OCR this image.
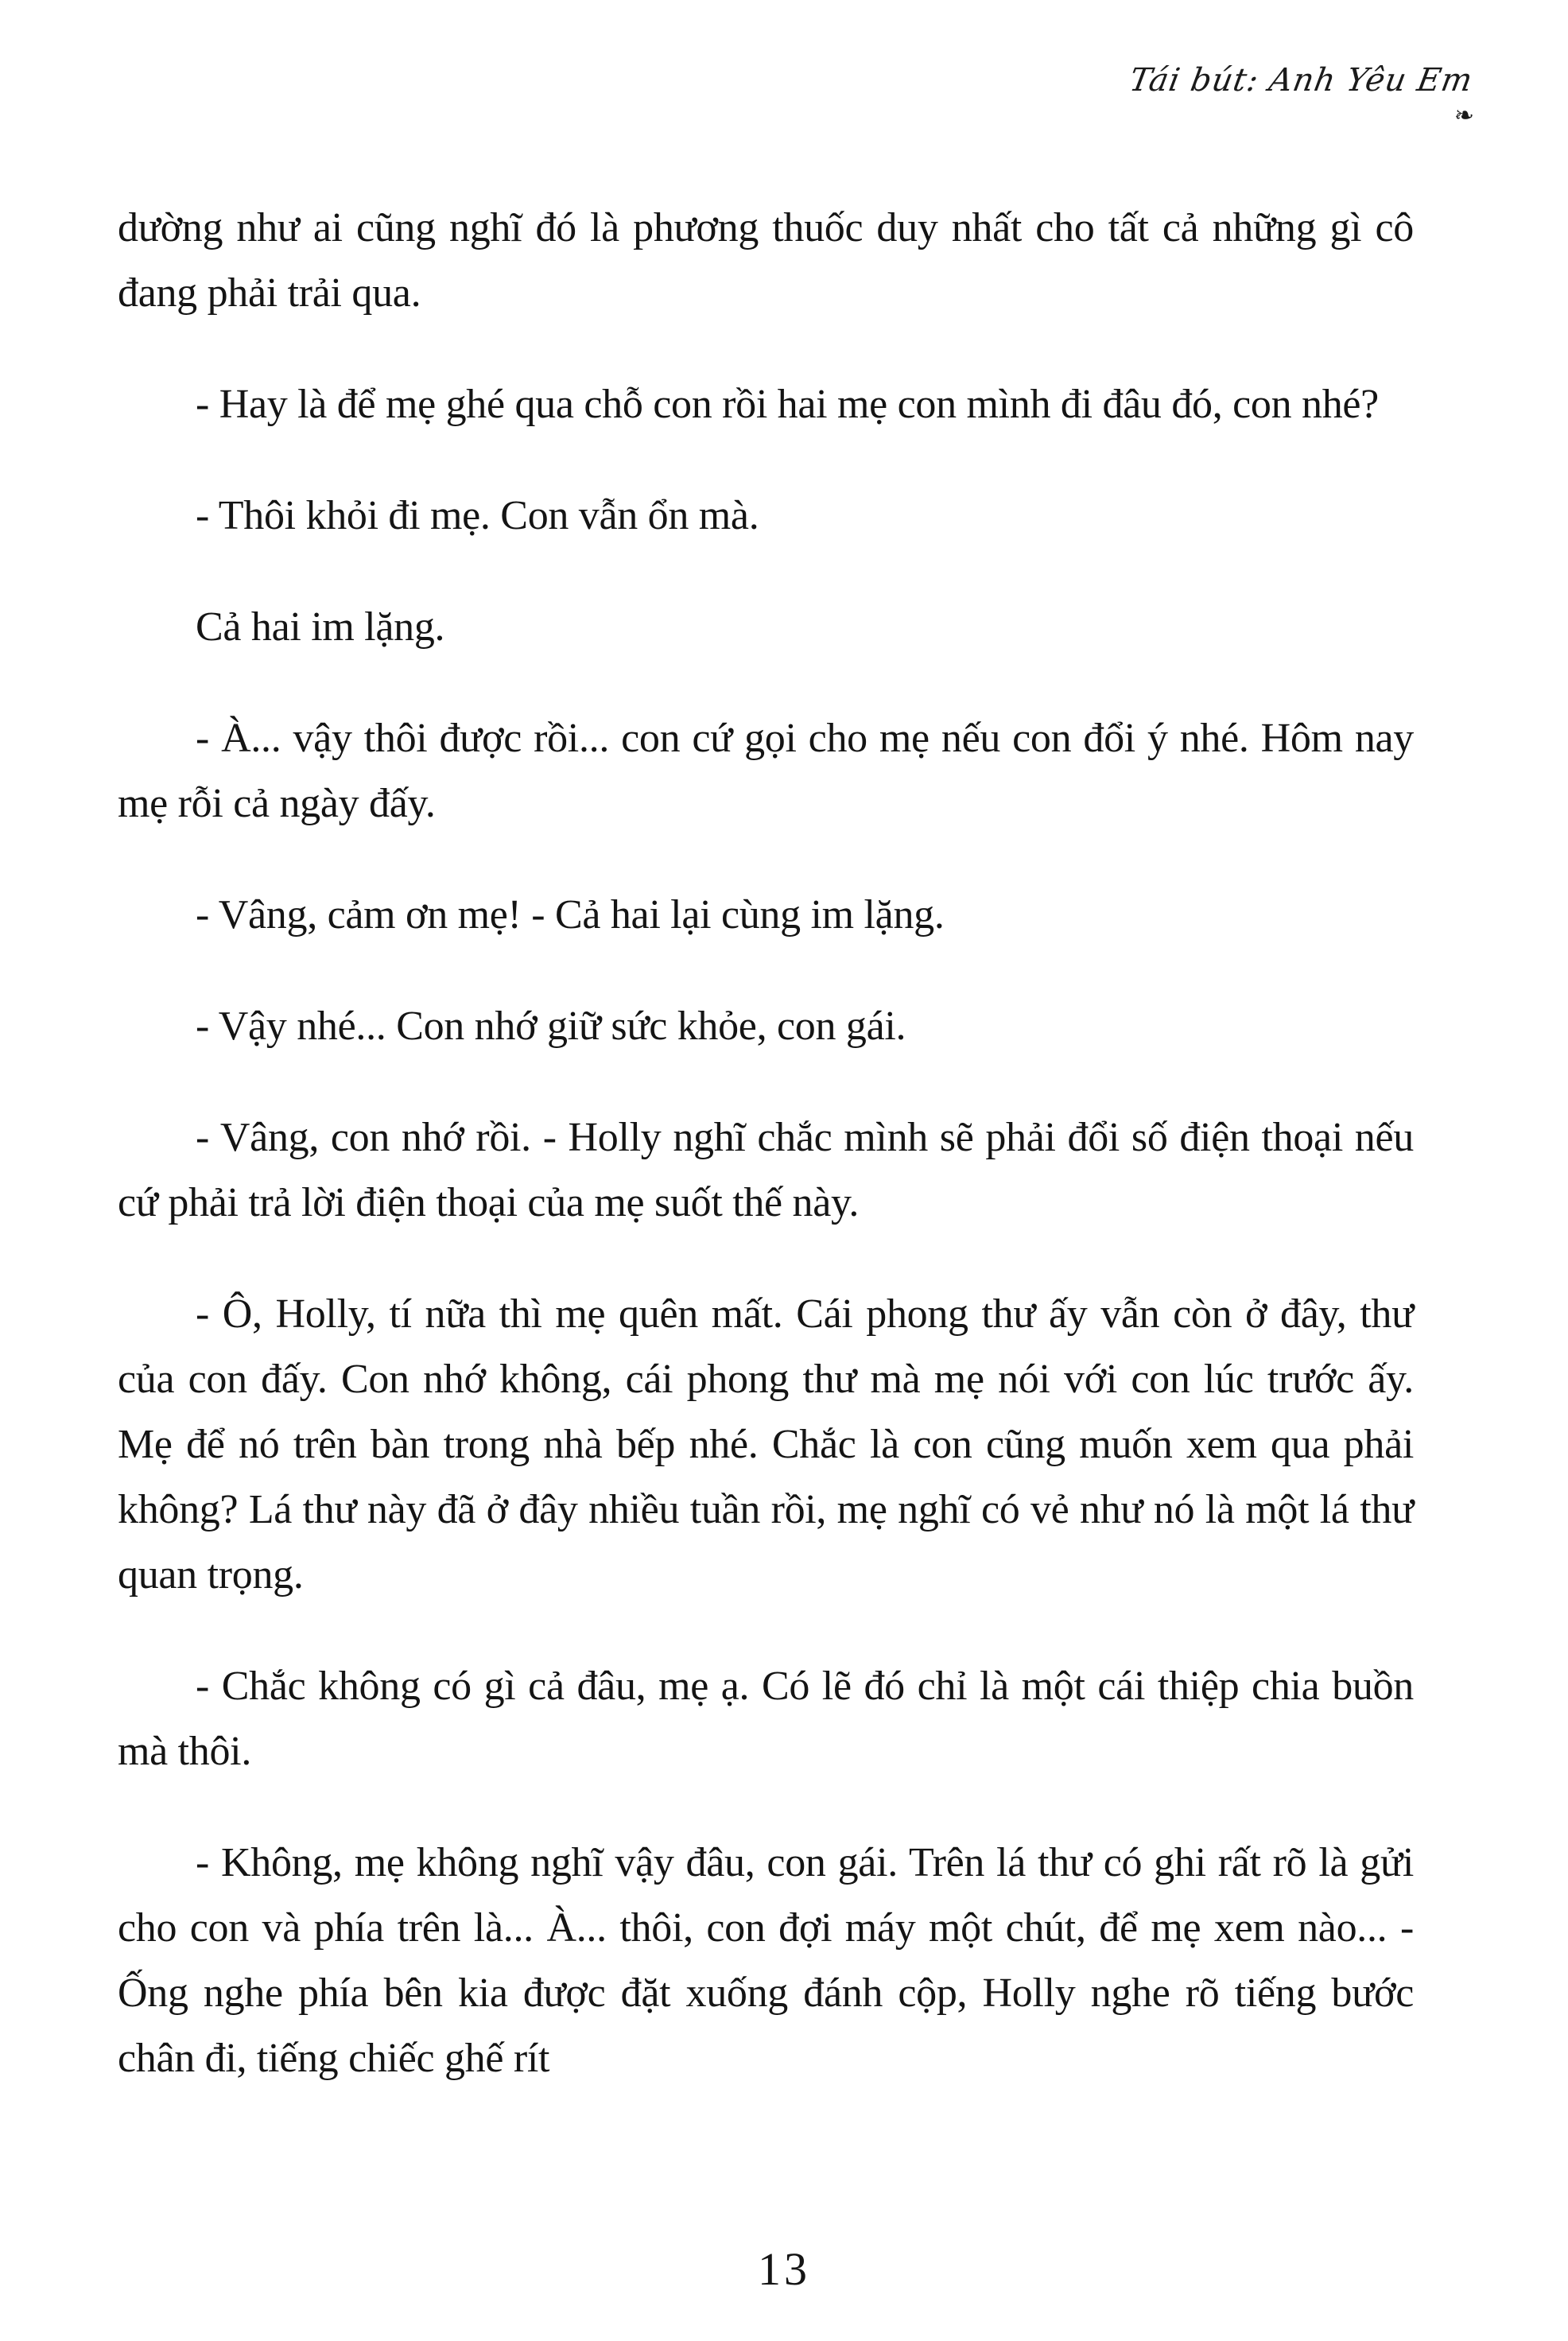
Tái bút: Anh Yêu Em
❧

dường như ai cũng nghĩ đó là phương thuốc duy nhất cho tất cả những gì cô đang phải trải qua.

- Hay là để mẹ ghé qua chỗ con rồi hai mẹ con mình đi đâu đó, con nhé?

- Thôi khỏi đi mẹ. Con vẫn ổn mà.

Cả hai im lặng.

- À... vậy thôi được rồi... con cứ gọi cho mẹ nếu con đổi ý nhé. Hôm nay mẹ rỗi cả ngày đấy.

- Vâng, cảm ơn mẹ! - Cả hai lại cùng im lặng.

- Vậy nhé... Con nhớ giữ sức khỏe, con gái.

- Vâng, con nhớ rồi. - Holly nghĩ chắc mình sẽ phải đổi số điện thoại nếu cứ phải trả lời điện thoại của mẹ suốt thế này.

- Ô, Holly, tí nữa thì mẹ quên mất. Cái phong thư ấy vẫn còn ở đây, thư của con đấy. Con nhớ không, cái phong thư mà mẹ nói với con lúc trước ấy. Mẹ để nó trên bàn trong nhà bếp nhé. Chắc là con cũng muốn xem qua phải không? Lá thư này đã ở đây nhiều tuần rồi, mẹ nghĩ có vẻ như nó là một lá thư quan trọng.

- Chắc không có gì cả đâu, mẹ ạ. Có lẽ đó chỉ là một cái thiệp chia buồn mà thôi.

- Không, mẹ không nghĩ vậy đâu, con gái. Trên lá thư có ghi rất rõ là gửi cho con và phía trên là... À... thôi, con đợi máy một chút, để mẹ xem nào... - Ống nghe phía bên kia được đặt xuống đánh cộp, Holly nghe rõ tiếng bước chân đi, tiếng chiếc ghế rít

13
